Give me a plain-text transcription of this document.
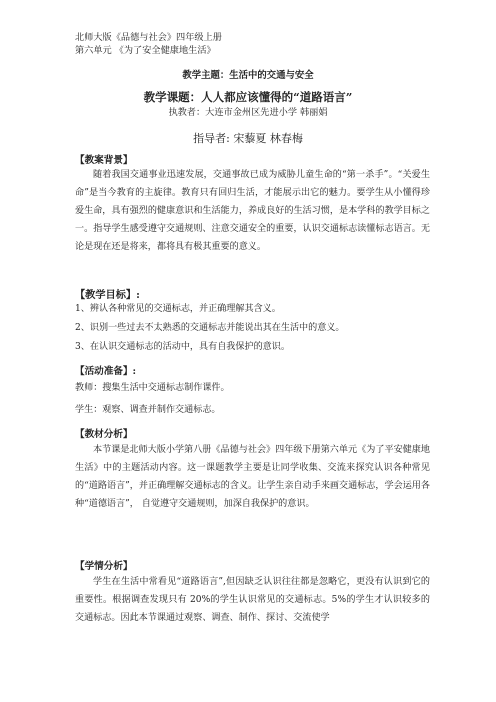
北师大版《品德与社会》四年级上册
第六单元 《为了安全健康地生活》
教学主题：生活中的交通与安全
教学课题：人人都应该懂得的“道路语言”
执教者：大连市金州区先进小学 韩丽娟
指导者: 宋藜夏 林春梅
【教案背景】
随着我国交通事业迅速发展，交通事故已成为威胁儿童生命的“第一杀手”。“关爱生命”是当今教育的主旋律。教育只有回归生活，才能展示出它的魅力。要学生从小懂得珍爱生命，具有强烈的健康意识和生活能力，养成良好的生活习惯，是本学科的教学目标之一。指导学生感受遵守交通规则、注意交通安全的重要，认识交通标志读懂标志语言。无论是现在还是将来，都将具有极其重要的意义。
【教学目标】:
1、辨认各种常见的交通标志，并正确理解其含义。
2、识别一些过去不太熟悉的交通标志并能说出其在生活中的意义。
3、在认识交通标志的活动中，具有自我保护的意识。
【活动准备】:
教师：搜集生活中交通标志制作课件。
学生：观察、调查并制作交通标志。
【教材分析】
本节课是北师大版小学第八册《品德与社会》四年级下册第六单元《为了平安健康地生活》中的主题活动内容。这一课题教学主要是让同学收集、交流来探究认识各种常见的“道路语言”，并正确理解交通标志的含义。让学生亲自动手来画交通标志，学会运用各种“道德语言”， 自觉遵守交通规则，加深自我保护的意识。
【学情分析】
学生在生活中常看见“道路语言”,但因缺乏认识往往都是忽略它，更没有认识到它的重要性。根据调查发现只有 20%的学生认识常见的交通标志。5%的学生才认识较多的交通标志。因此本节课通过观察、调查、制作、探讨、交流使学
